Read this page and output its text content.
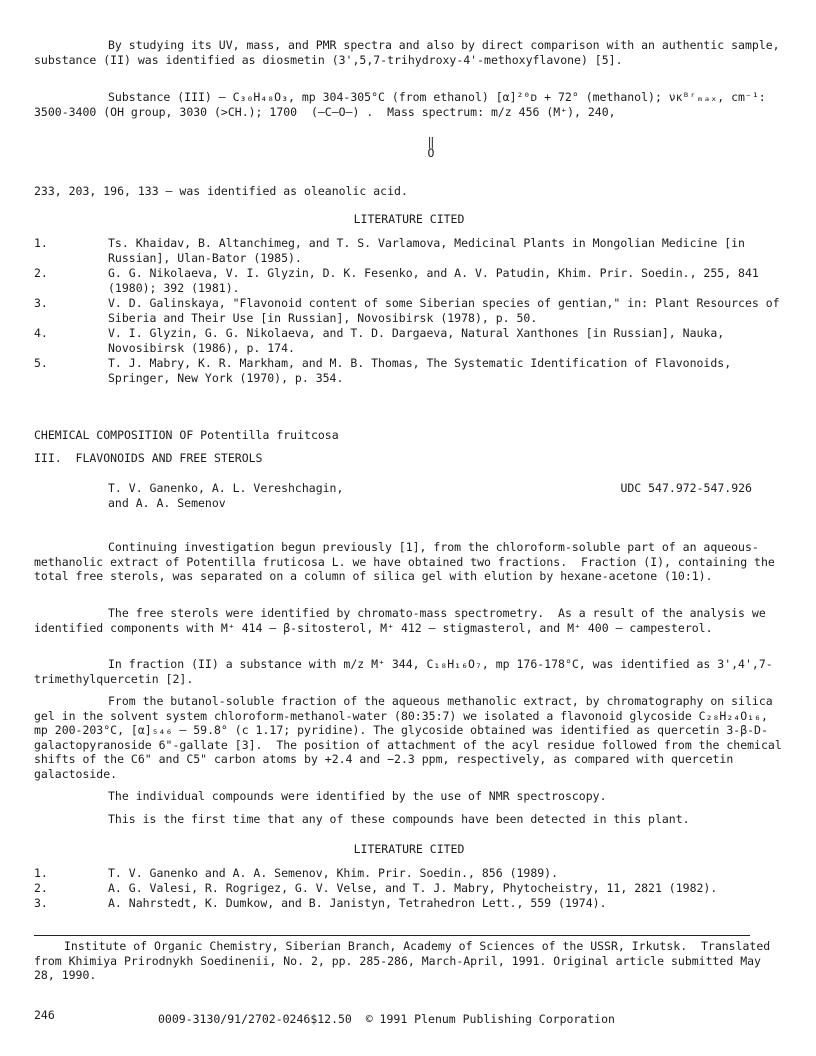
By studying its UV, mass, and PMR spectra and also by direct comparison with an authentic sample, substance (II) was identified as diosmetin (3',5,7-trihydroxy-4'-methoxyflavone) [5].
Substance (III) — C₃₀H₄₈O₃, mp 304-305°C (from ethanol) [α]²⁰ᴅ + 72° (methanol); νᴋᴮʳₘₐₓ, cm⁻¹: 3500-3400 (OH group, 3030 (>CH.); 1700  (—C—O—) .  Mass spectrum: m/z 456 (M⁺), 240,
‖
O
233, 203, 196, 133 — was identified as oleanolic acid.
LITERATURE CITED
1.	Ts. Khaidav, B. Altanchimeg, and T. S. Varlamova, Medicinal Plants in Mongolian Medicine [in Russian], Ulan-Bator (1985).
2.	G. G. Nikolaeva, V. I. Glyzin, D. K. Fesenko, and A. V. Patudin, Khim. Prir. Soedin., 255, 841 (1980); 392 (1981).
3.	V. D. Galinskaya, "Flavonoid content of some Siberian species of gentian," in: Plant Resources of Siberia and Their Use [in Russian], Novosibirsk (1978), p. 50.
4.	V. I. Glyzin, G. G. Nikolaeva, and T. D. Dargaeva, Natural Xanthones [in Russian], Nauka, Novosibirsk (1986), p. 174.
5.	T. J. Mabry, K. R. Markham, and M. B. Thomas, The Systematic Identification of Flavonoids, Springer, New York (1970), p. 354.
CHEMICAL COMPOSITION OF Potentilla fruitcosa
III.  FLAVONOIDS AND FREE STEROLS
T. V. Ganenko, A. L. Vereshchagin,
and A. A. Semenov
UDC 547.972-547.926
Continuing investigation begun previously [1], from the chloroform-soluble part of an aqueous-methanolic extract of Potentilla fruticosa L. we have obtained two fractions.  Fraction (I), containing the total free sterols, was separated on a column of silica gel with elution by hexane-acetone (10:1).
The free sterols were identified by chromato-mass spectrometry.  As a result of the analysis we identified components with M⁺ 414 — β-sitosterol, M⁺ 412 — stigmasterol, and M⁺ 400 — campesterol.
In fraction (II) a substance with m/z M⁺ 344, C₁₈H₁₆O₇, mp 176-178°C, was identified as 3',4',7-trimethylquercetin [2].
From the butanol-soluble fraction of the aqueous methanolic extract, by chromatography on silica gel in the solvent system chloroform-methanol-water (80:35:7) we isolated a flavonoid glycoside C₂₈H₂₄O₁₆, mp 200-203°C, [α]₅₄₆ — 59.8° (c 1.17; pyridine). The glycoside obtained was identified as quercetin 3-β-D-galactopyranoside 6"-gallate [3].  The position of attachment of the acyl residue followed from the chemical shifts of the C6" and C5" carbon atoms by +2.4 and −2.3 ppm, respectively, as compared with quercetin galactoside.
The individual compounds were identified by the use of NMR spectroscopy.
This is the first time that any of these compounds have been detected in this plant.
LITERATURE CITED
1.	T. V. Ganenko and A. A. Semenov, Khim. Prir. Soedin., 856 (1989).
2.	A. G. Valesi, R. Rogrigez, G. V. Velse, and T. J. Mabry, Phytocheistry, 11, 2821 (1982).
3.	A. Nahrstedt, K. Dumkow, and B. Janistyn, Tetrahedron Lett., 559 (1974).
Institute of Organic Chemistry, Siberian Branch, Academy of Sciences of the USSR, Irkutsk.  Translated from Khimiya Prirodnykh Soedinenii, No. 2, pp. 285-286, March-April, 1991. Original article submitted May 28, 1990.
246	0009-3130/91/2702-0246$12.50  © 1991 Plenum Publishing Corporation
